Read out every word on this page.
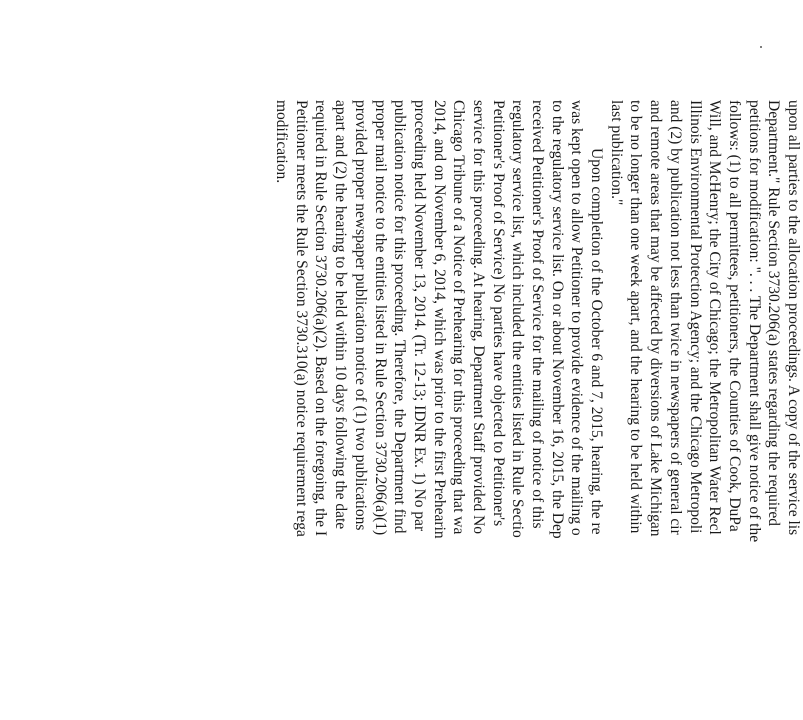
upon all parties to the allocation proceedings. A copy of the service lis
Department." Rule Section 3730.206(a) states regarding the required
petitions for modification: ". . . The Department shall give notice of the
follows: (1) to all permittees, petitioners, the Counties of Cook, DuPa
Will, and McHenry; the City of Chicago; the Metropolitan Water Recl
Illinois Environmental Protection Agency; and the Chicago Metropoli
and (2) by publication not less than twice in newspapers of general cir
and remote areas that may be affected by diversions of Lake Michigan
to be no longer than one week apart, and the hearing to be held within
last publication."
Upon completion of the October 6 and 7, 2015, hearing, the re
was kept open to allow Petitioner to provide evidence of the mailing o
to the regulatory service list. On or about November 16, 2015, the Dep
received Petitioner's Proof of Service for the mailing of notice of this
regulatory service list, which included the entities listed in Rule Sectio
Petitioner's Proof of Service) No parties have objected to Petitioner's
service for this proceeding. At hearing, Department Staff provided No
Chicago Tribune of a Notice of Prehearing for this proceeding that wa
2014, and on November 6, 2014, which was prior to the first Prehearin
proceeding held November 13, 2014. (Tr. 12-13; IDNR Ex. 1) No par
publication notice for this proceeding. Therefore, the Department find
proper mail notice to the entities listed in Rule Section 3730.206(a)(1)
provided proper newspaper publication notice of (1) two publications
apart and (2) the hearing to be held within 10 days following the date
required in Rule Section 3730.206(a)(2). Based on the foregoing, the I
Petitioner meets the Rule Section 3730.310(a) notice requirement rega
modification.
